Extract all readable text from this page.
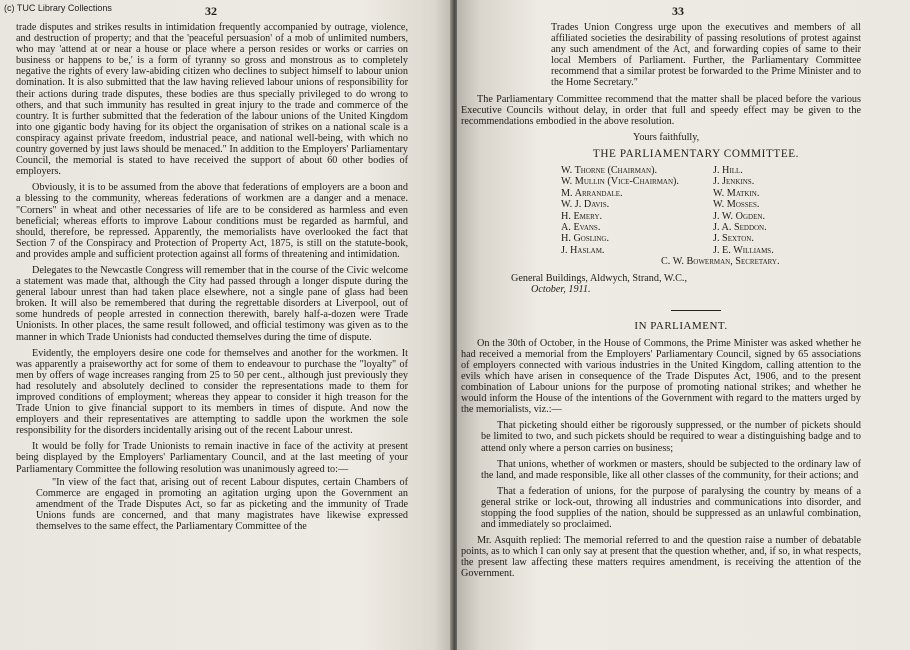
(c) TUC Library Collections	32

trade disputes and strikes results in intimidation frequently accompanied by outrage, violence, and destruction of property; and that the 'peaceful persuasion' of a mob of unlimited numbers, who may 'attend at or near a house or place where a person resides or works or carries on business or happens to be,' is a form of tyranny so gross and monstrous as to completely negative the rights of every law-abiding citizen who declines to subject himself to labour union domination. It is also submitted that the law having relieved labour unions of responsibility for their actions during trade disputes, these bodies are thus specially privileged to do wrong to others, and that such immunity has resulted in great injury to the trade and commerce of the country. It is further submitted that the federation of the labour unions of the United Kingdom into one gigantic body having for its object the organisation of strikes on a national scale is a conspiracy against private freedom, industrial peace, and national well-being, with which no country governed by just laws should be menaced." In addition to the Employers' Parliamentary Council, the memorial is stated to have received the support of about 60 other bodies of employers.

Obviously, it is to be assumed from the above that federations of employers are a boon and a blessing to the community, whereas federations of workmen are a danger and a menace. "Corners" in wheat and other necessaries of life are to be considered as harmless and even beneficial; whereas efforts to improve Labour conditions must be regarded as harmful, and should, therefore, be repressed. Apparently, the memorialists have overlooked the fact that Section 7 of the Conspiracy and Protection of Property Act, 1875, is still on the statute-book, and provides ample and sufficient protection against all forms of threatening and intimidation.

Delegates to the Newcastle Congress will remember that in the course of the Civic welcome a statement was made that, although the City had passed through a longer dispute during the general labour unrest than had taken place elsewhere, not a single pane of glass had been broken. It will also be remembered that during the regrettable disorders at Liverpool, out of some hundreds of people arrested in connection therewith, barely half-a-dozen were Trade Unionists. In other places, the same result followed, and official testimony was given as to the manner in which Trade Unionists had conducted themselves during the time of dispute.

Evidently, the employers desire one code for themselves and another for the workmen. It was apparently a praiseworthy act for some of them to endeavour to purchase the "loyalty" of men by offers of wage increases ranging from 25 to 50 per cent., although just previously they had resolutely and absolutely declined to consider the representations made to them for improved conditions of employment; whereas they appear to consider it high treason for the Trade Union to give financial support to its members in times of dispute. And now the employers and their representatives are attempting to saddle upon the workmen the sole responsibility for the disorders incidentally arising out of the recent Labour unrest.

It would be folly for Trade Unionists to remain inactive in face of the activity at present being displayed by the Employers' Parliamentary Council, and at the last meeting of your Parliamentary Committee the following resolution was unanimously agreed to:—

"In view of the fact that, arising out of recent Labour disputes, certain Chambers of Commerce are engaged in promoting an agitation urging upon the Government an amendment of the Trade Disputes Act, so far as picketing and the immunity of Trade Unions funds are concerned, and that many magistrates have likewise expressed themselves to the same effect, the Parliamentary Committee of the

33

Trades Union Congress urge upon the executives and members of all affiliated societies the desirability of passing resolutions of protest against any such amendment of the Act, and forwarding copies of same to their local Members of Parliament. Further, the Parliamentary Committee recommend that a similar protest be forwarded to the Prime Minister and to the Home Secretary."

The Parliamentary Committee recommend that the matter shall be placed before the various Executive Councils without delay, in order that full and speedy effect may be given to the recommendations embodied in the above resolution.

Yours faithfully,

THE PARLIAMENTARY COMMITTEE.

W. Thorne (Chairman).
W. Mullin (Vice-Chairman).
M. Arrandale.
W. J. Davis.
H. Emery.
A. Evans.
H. Gosling.
J. Haslam.
J. Hill.
J. Jenkins.
W. Matkin.
W. Mosses.
J. W. Ogden.
J. A. Seddon.
J. Sexton.
J. E. Williams.

C. W. Bowerman, Secretary.

General Buildings, Aldwych, Strand, W.C.,

October, 1911.

IN PARLIAMENT.

On the 30th of October, in the House of Commons, the Prime Minister was asked whether he had received a memorial from the Employers' Parliamentary Council, signed by 65 associations of employers connected with various industries in the United Kingdom, calling attention to the evils which have arisen in consequence of the Trade Disputes Act, 1906, and to the present combination of Labour unions for the purpose of promoting national strikes; and whether he would inform the House of the intentions of the Government with regard to the matters urged by the memorialists, viz.:—

That picketing should either be rigorously suppressed, or the number of pickets should be limited to two, and such pickets should be required to wear a distinguishing badge and to attend only where a person carries on business;

That unions, whether of workmen or masters, should be subjected to the ordinary law of the land, and made responsible, like all other classes of the community, for their actions; and

That a federation of unions, for the purpose of paralysing the country by means of a general strike or lock-out, throwing all industries and communications into disorder, and stopping the food supplies of the nation, should be suppressed as an unlawful combination, and immediately so proclaimed.

Mr. Asquith replied: The memorial referred to and the question raise a number of debatable points, as to which I can only say at present that the question whether, and, if so, in what respects, the present law affecting these matters requires amendment, is receiving the attention of the Government.
